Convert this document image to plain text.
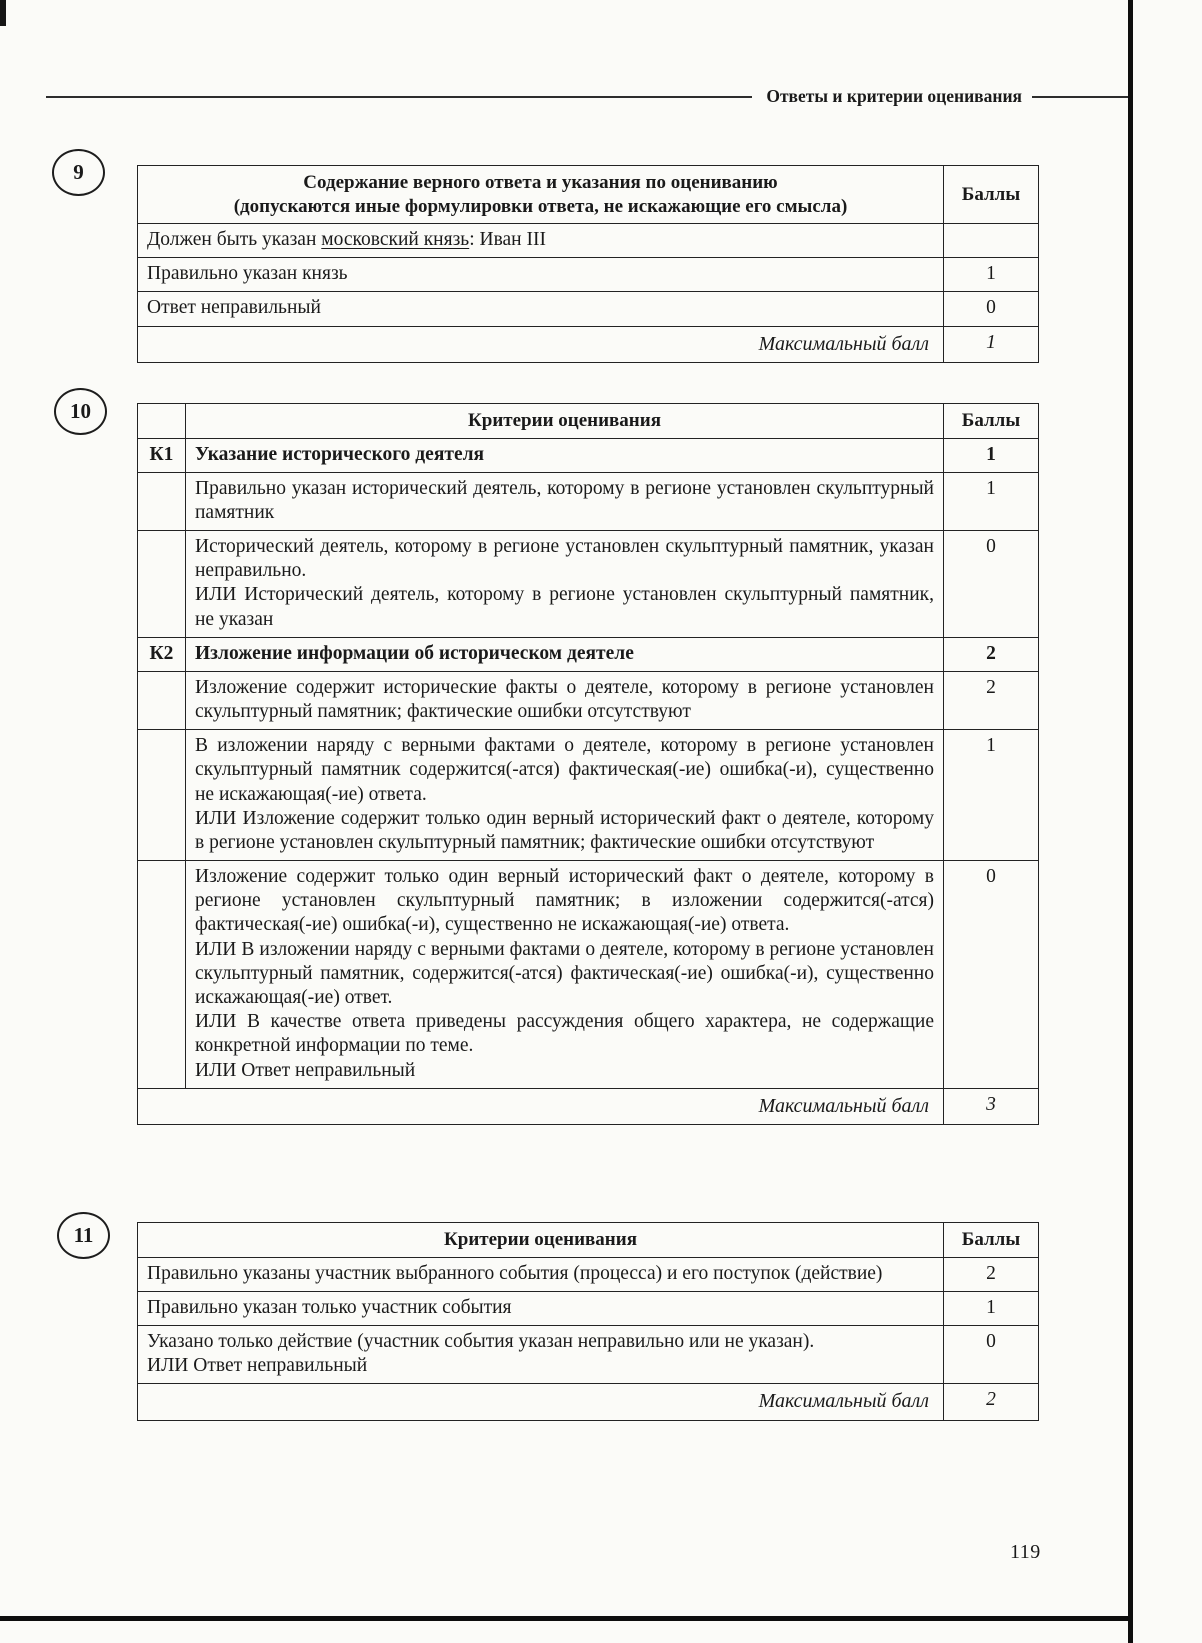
Ответы и критерии оценивания
9	Содержание верного ответа и указания по оцениванию
(допускаются иные формулировки ответа, не искажающие его смысла)	Баллы
Должен быть указан московский князь: Иван III	
Правильно указан князь	1
Ответ неправильный	0
Максимальный балл	1
10
		Критерии оценивания	Баллы
К1	Указание исторического деятеля	1

	Правильно указан исторический деятель, которому в регионе установлен скульптурный памятник	1

	Исторический деятель, которому в регионе установлен скульптурный памятник, указан неправильно.
ИЛИ Исторический деятель, которому в регионе установлен скульптурный памятник, не указан	0
К2	Изложение информации об историческом деятеле	2

	Изложение содержит исторические факты о деятеле, которому в регионе установлен скульптурный памятник; фактические ошибки отсутствуют	2

	В изложении наряду с верными фактами о деятеле, которому в регионе установлен скульптурный памятник содержится(-атся) фактическая(-ие) ошибка(-и), существенно не искажающая(-ие) ответа.
ИЛИ Изложение содержит только один верный исторический факт о деятеле, которому в регионе установлен скульптурный памятник; фактические ошибки отсутствуют	1

	Изложение содержит только один верный исторический факт о деятеле, которому в регионе установлен скульптурный памятник; в изложении содержится(-атся) фактическая(-ие) ошибка(-и), существенно не искажающая(-ие) ответа.
ИЛИ В изложении наряду с верными фактами о деятеле, которому в регионе установлен скульптурный памятник, содержится(-атся) фактическая(-ие) ошибка(-и), существенно искажающая(-ие) ответ.
ИЛИ В качестве ответа приведены рассуждения общего характера, не содержащие конкретной информации по теме.
ИЛИ Ответ неправильный	0
Максимальный балл		3
11	Критерии оценивания	Баллы

Правильно указаны участник выбранного события (процесса) и его поступок (действие)	2

Правильно указан только участник события	1

Указано только действие (участник события указан неправильно или не указан).
ИЛИ Ответ неправильный	0
Максимальный балл	2
119
